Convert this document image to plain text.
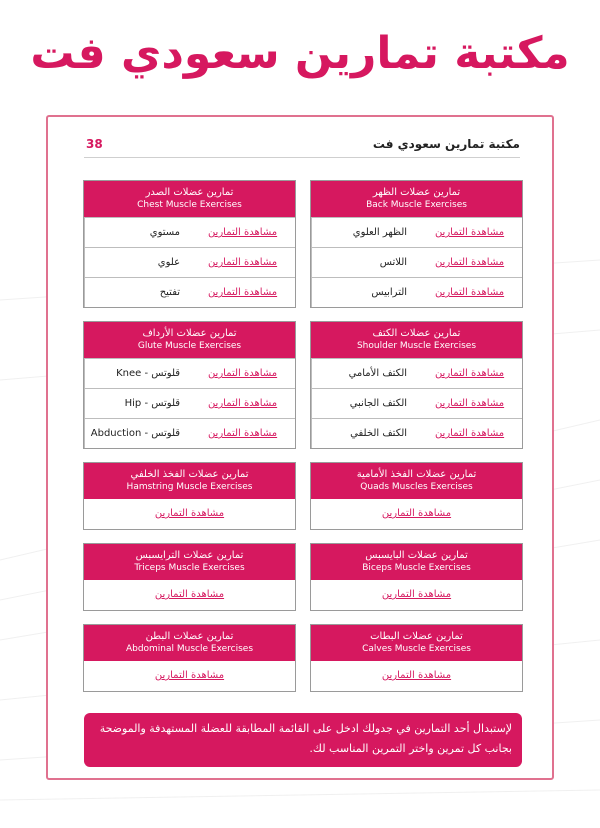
مكتبة تمارين سعودي فت
مكتبة تمارين سعودي فت
38
تمارين عضلات الظهر
Back Muscle Exercises
الظهر العلوي	مشاهدة التمارين
اللاتس	مشاهدة التمارين
الترابيس	مشاهدة التمارين
تمارين عضلات الصدر
Chest Muscle Exercises
مستوي	مشاهدة التمارين
علوي	مشاهدة التمارين
تفتيح	مشاهدة التمارين
تمارين عضلات الكتف
Shoulder Muscle Exercises
الكتف الأمامي	مشاهدة التمارين
الكتف الجانبي	مشاهدة التمارين
الكتف الخلفي	مشاهدة التمارين
تمارين عضلات الأرداف
Glute Muscle Exercises
قلوتس - Knee	مشاهدة التمارين
قلوتس - Hip	مشاهدة التمارين
قلوتس - Abduction	مشاهدة التمارين
تمارين عضلات الفخذ الأمامية
Quads Muscles Exercises
مشاهدة التمارين
تمارين عضلات الفخذ الخلفي
Hamstring Muscle Exercises
مشاهدة التمارين
تمارين عضلات البايسبس
Biceps Muscle Exercises
مشاهدة التمارين
تمارين عضلات الترايسبس
Triceps Muscle Exercises
مشاهدة التمارين
تمارين عضلات البطات
Calves Muscle Exercises
مشاهدة التمارين
تمارين عضلات البطن
Abdominal Muscle Exercises
مشاهدة التمارين
لإستبدال أحد التمارين في جدولك ادخل على القائمة المطابقة للعضلة المستهدفة والموضحة بجانب كل تمرين واختر التمرين المناسب لك.
